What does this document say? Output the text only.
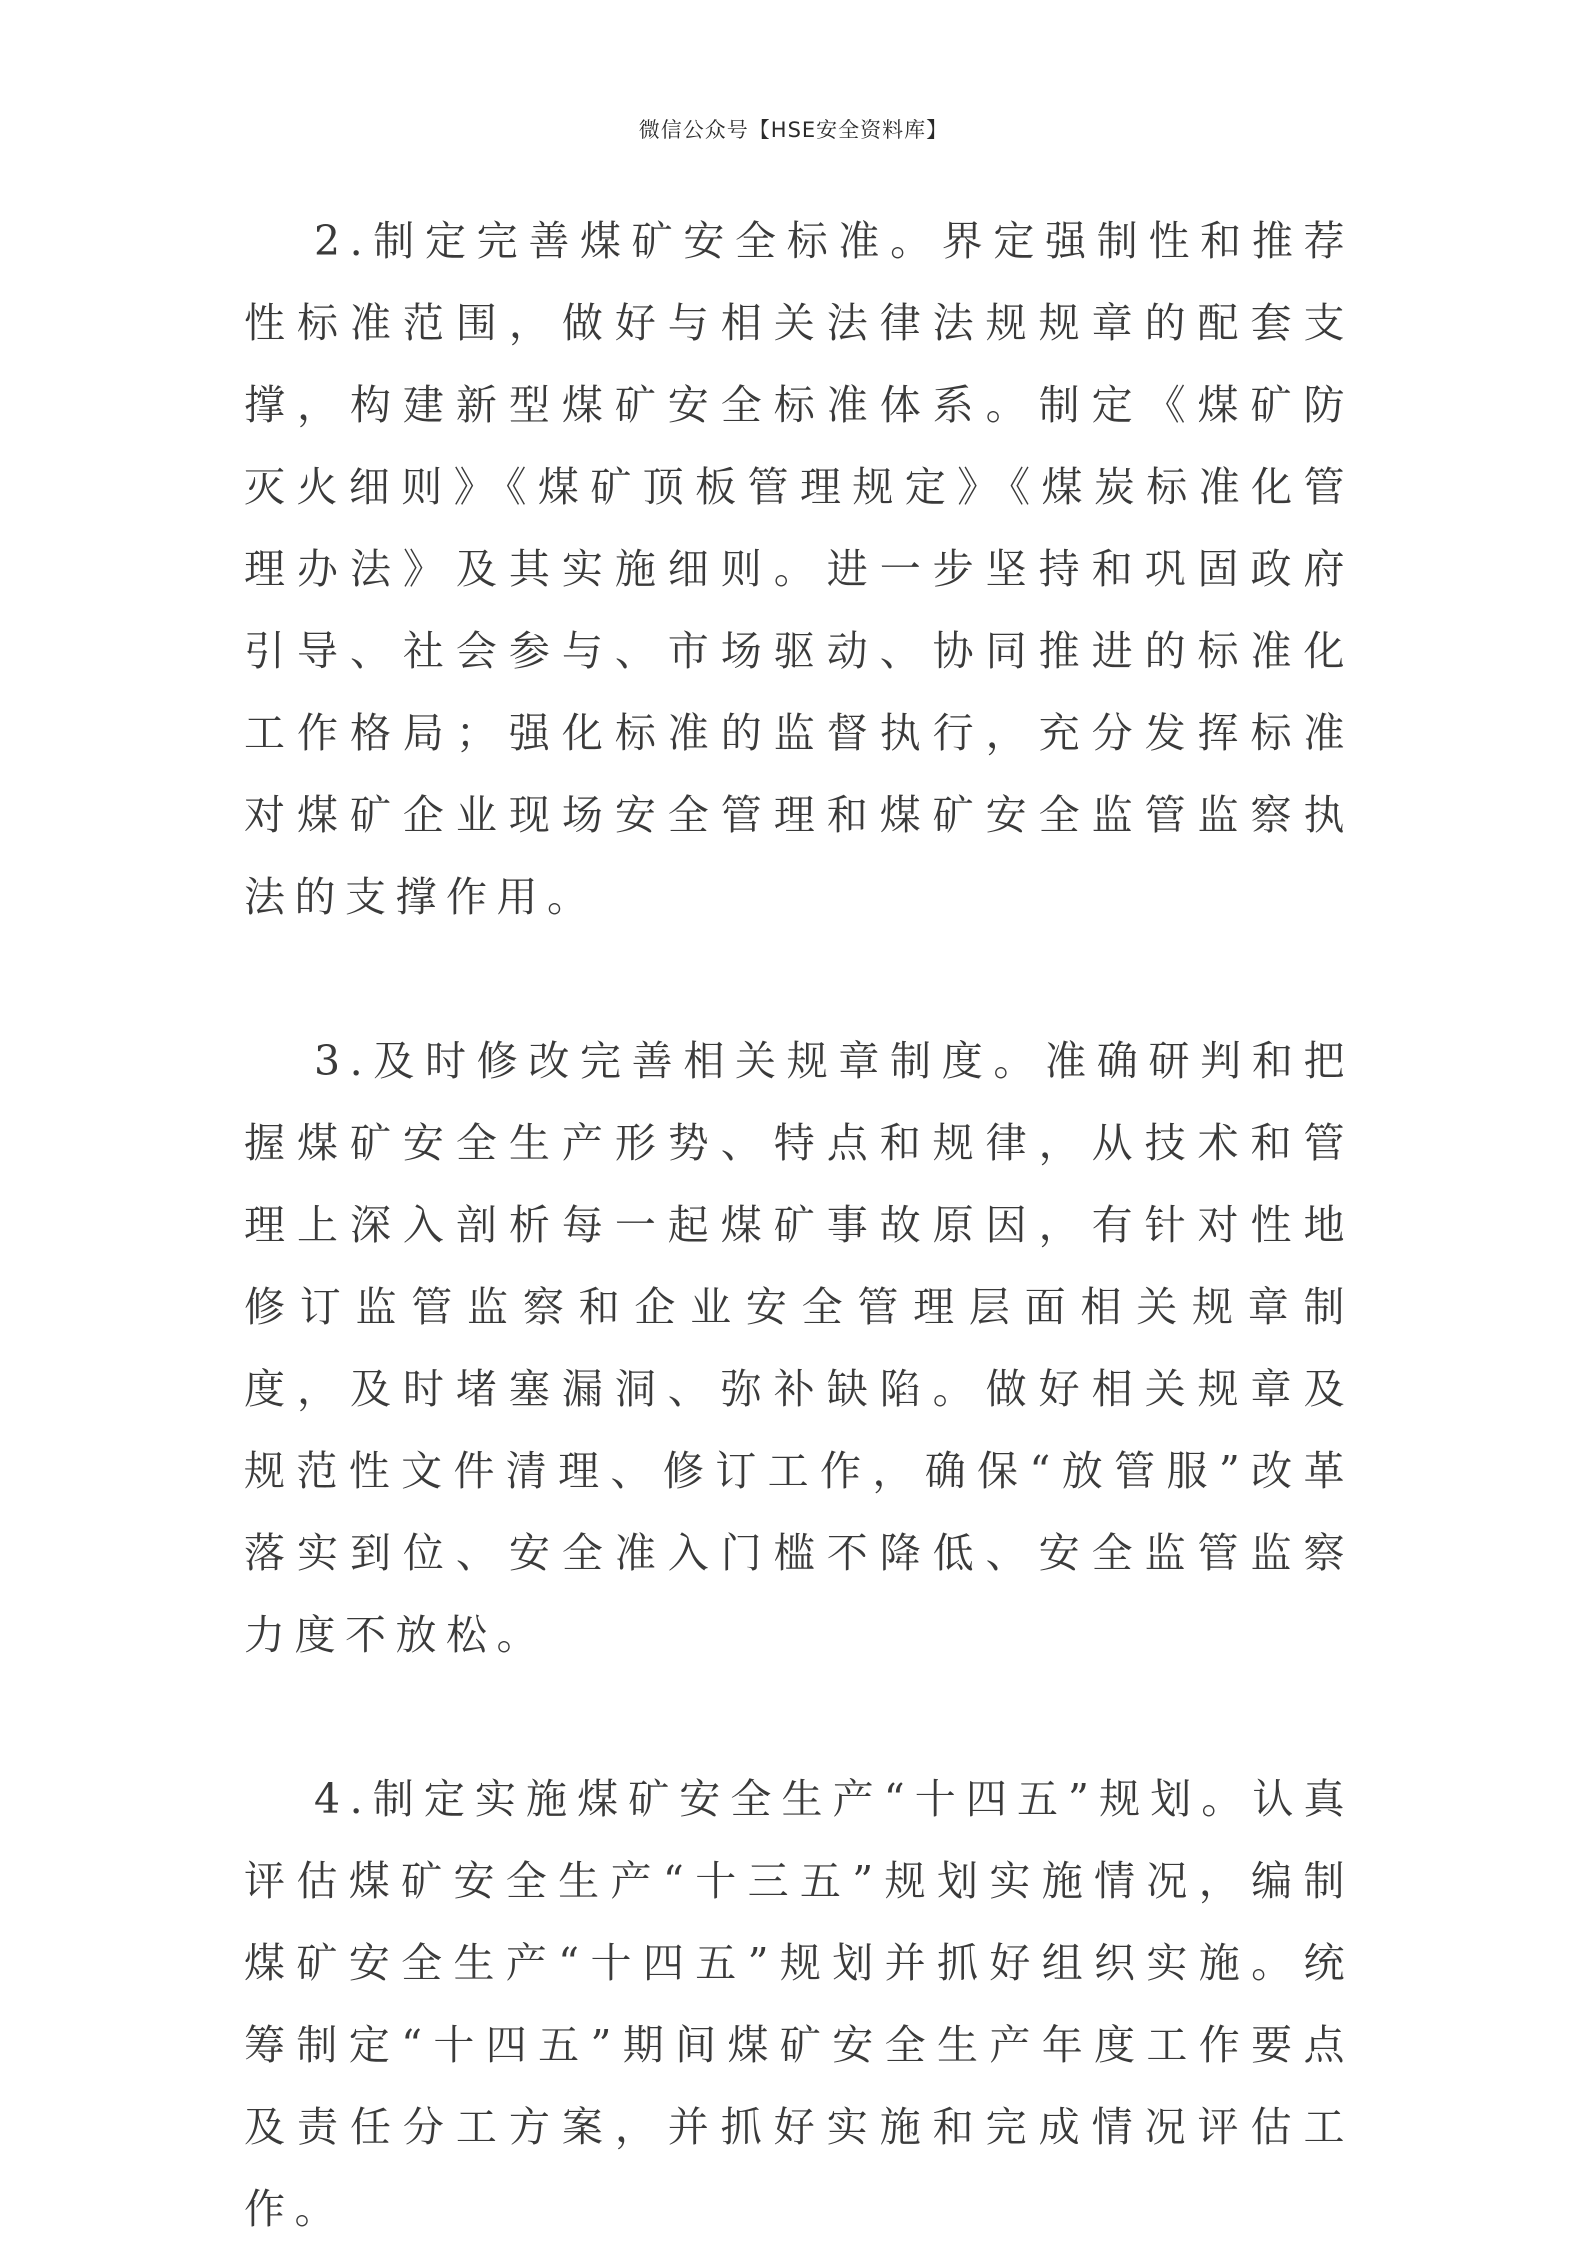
微信公众号【HSE安全资料库】

2.制定完善煤矿安全标准。界定强制性和推荐性标准范围，做好与相关法律法规规章的配套支撑，构建新型煤矿安全标准体系。制定《煤矿防灭火细则》《煤矿顶板管理规定》《煤炭标准化管理办法》及其实施细则。进一步坚持和巩固政府引导、社会参与、市场驱动、协同推进的标准化工作格局；强化标准的监督执行，充分发挥标准对煤矿企业现场安全管理和煤矿安全监管监察执法的支撑作用。

3.及时修改完善相关规章制度。准确研判和把握煤矿安全生产形势、特点和规律，从技术和管理上深入剖析每一起煤矿事故原因，有针对性地修订监管监察和企业安全管理层面相关规章制度，及时堵塞漏洞、弥补缺陷。做好相关规章及规范性文件清理、修订工作，确保“放管服”改革落实到位、安全准入门槛不降低、安全监管监察力度不放松。

4.制定实施煤矿安全生产“十四五”规划。认真评估煤矿安全生产“十三五”规划实施情况，编制煤矿安全生产“十四五”规划并抓好组织实施。统筹制定“十四五”期间煤矿安全生产年度工作要点及责任分工方案，并抓好实施和完成情况评估工作。
